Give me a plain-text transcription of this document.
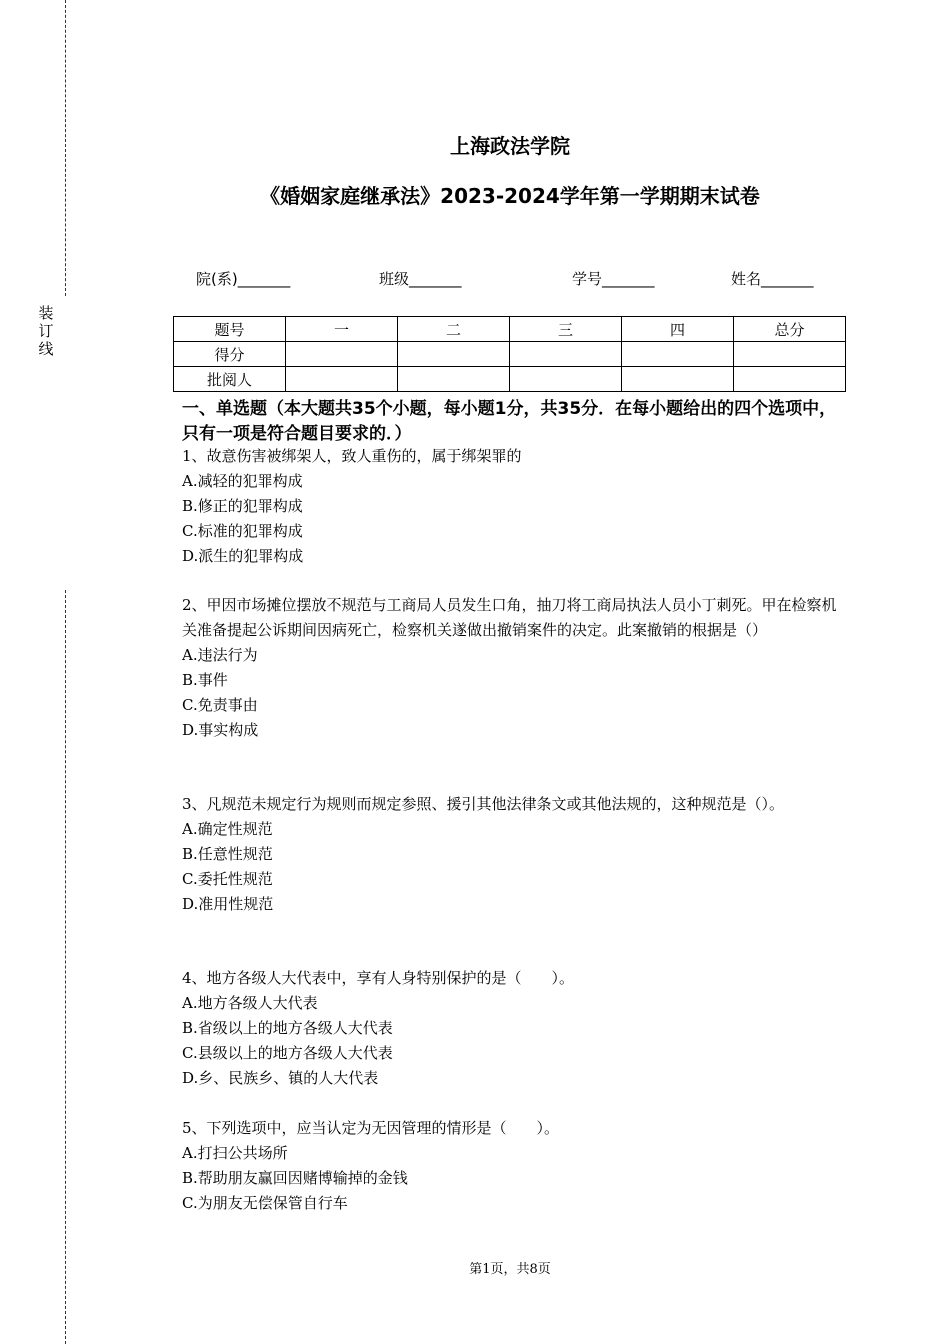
装订线
上海政法学院
《婚姻家庭继承法》2023-2024学年第一学期期末试卷
院(系)_______	班级_______	学号_______	姓名_______
题号	一	二	三	四	总分
得分					
批阅人					
一、单选题（本大题共35个小题，每小题1分，共35分．在每小题给出的四个选项中，只有一项是符合题目要求的．）

1、故意伤害被绑架人，致人重伤的，属于绑架罪的

A.减轻的犯罪构成

B.修正的犯罪构成

C.标准的犯罪构成

D.派生的犯罪构成

2、甲因市场摊位摆放不规范与工商局人员发生口角，抽刀将工商局执法人员小丁刺死。甲在检察机关准备提起公诉期间因病死亡，检察机关遂做出撤销案件的决定。此案撤销的根据是（）

A.违法行为

B.事件

C.免责事由

D.事实构成

3、凡规范未规定行为规则而规定参照、援引其他法律条文或其他法规的，这种规范是（）。

A.确定性规范

B.任意性规范

C.委托性规范

D.准用性规范

4、地方各级人大代表中，享有人身特别保护的是（　　）。

A.地方各级人大代表

B.省级以上的地方各级人大代表

C.县级以上的地方各级人大代表

D.乡、民族乡、镇的人大代表

5、下列选项中，应当认定为无因管理的情形是（　　）。

A.打扫公共场所

B.帮助朋友赢回因赌博输掉的金钱

C.为朋友无偿保管自行车

第1页，共8页
